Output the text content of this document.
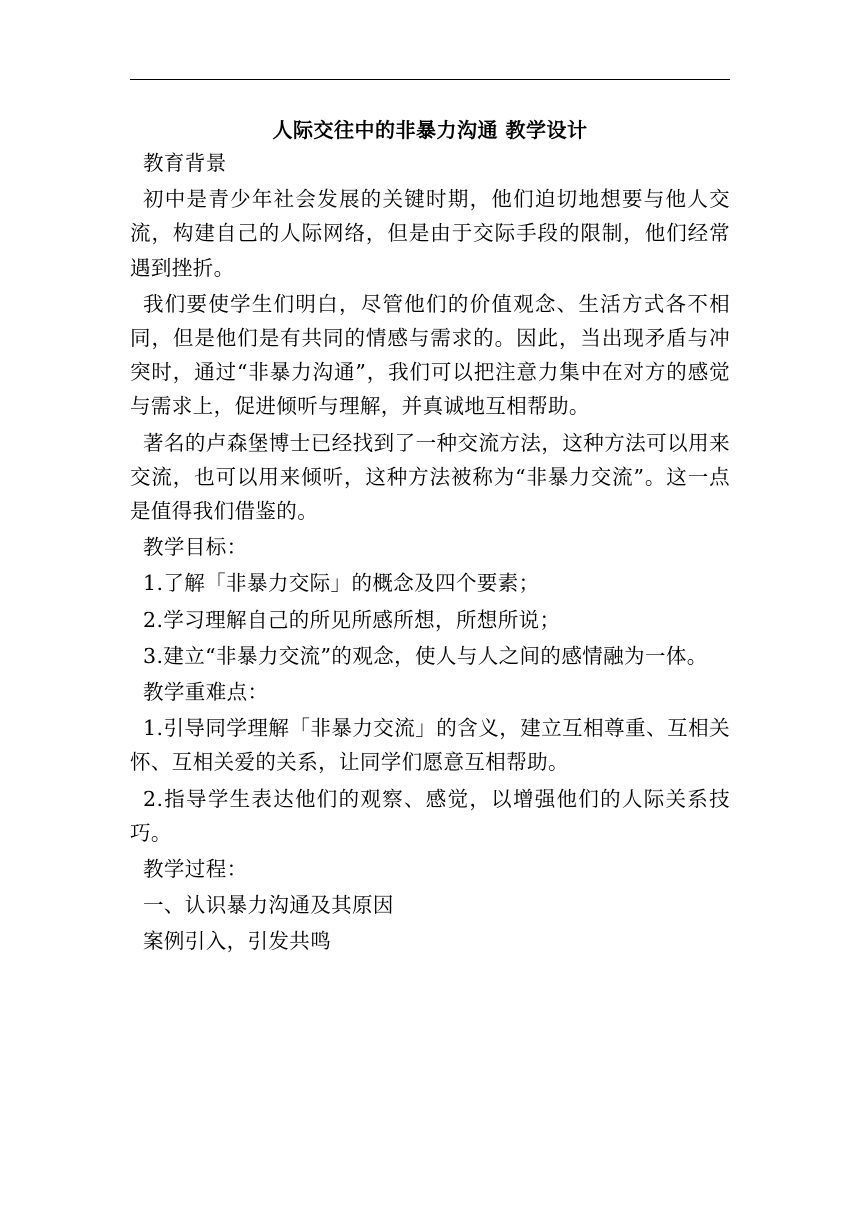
人际交往中的非暴力沟通 教学设计

教育背景

初中是青少年社会发展的关键时期，他们迫切地想要与他人交流，构建自己的人际网络，但是由于交际手段的限制，他们经常遇到挫折。

我们要使学生们明白，尽管他们的价值观念、生活方式各不相同，但是他们是有共同的情感与需求的。因此，当出现矛盾与冲突时，通过“非暴力沟通”，我们可以把注意力集中在对方的感觉与需求上，促进倾听与理解，并真诚地互相帮助。

著名的卢森堡博士已经找到了一种交流方法，这种方法可以用来交流，也可以用来倾听，这种方法被称为“非暴力交流”。这一点是值得我们借鉴的。

教学目标：

1.了解「非暴力交际」的概念及四个要素；

2.学习理解自己的所见所感所想，所想所说；

3.建立“非暴力交流”的观念，使人与人之间的感情融为一体。

教学重难点：

1.引导同学理解「非暴力交流」的含义，建立互相尊重、互相关怀、互相关爱的关系，让同学们愿意互相帮助。

2.指导学生表达他们的观察、感觉，以增强他们的人际关系技巧。

教学过程：

一、认识暴力沟通及其原因

案例引入，引发共鸣
